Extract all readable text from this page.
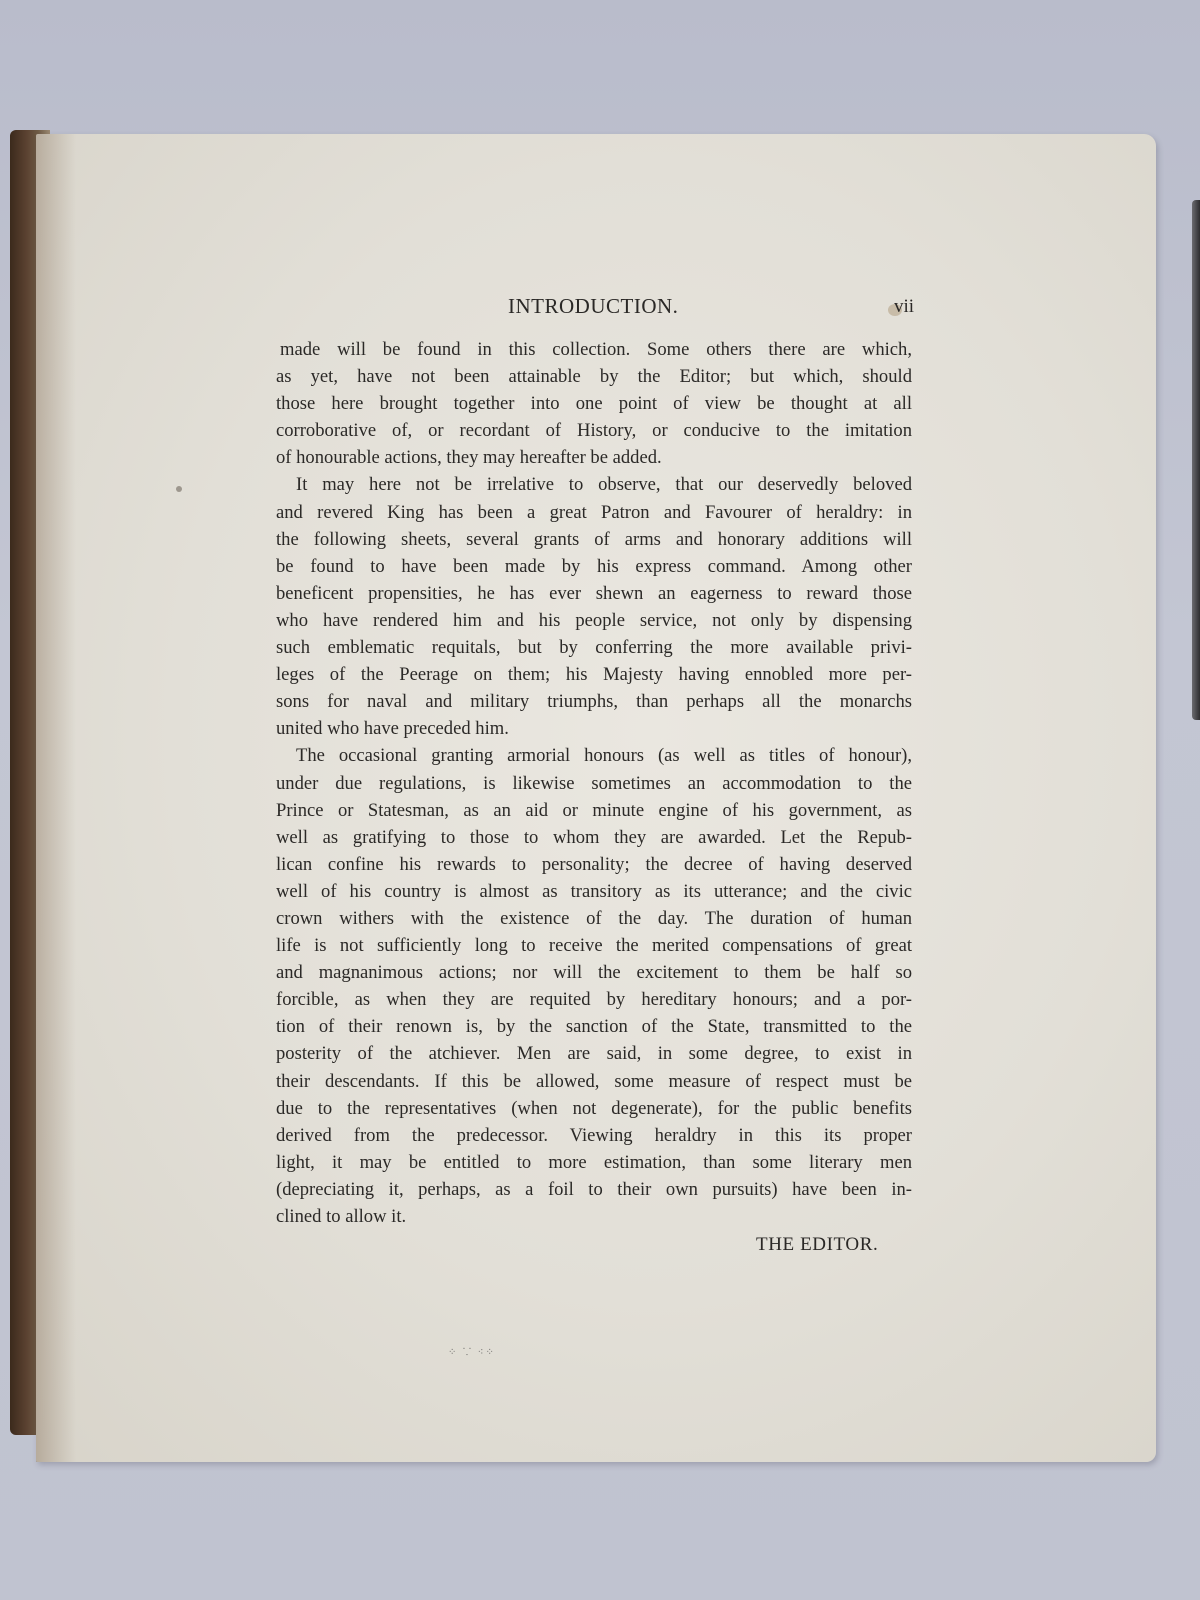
INTRODUCTION.	vii
made will be found in this collection. Some others there are which,
as yet, have not been attainable by the Editor; but which, should
those here brought together into one point of view be thought at all
corroborative of, or recordant of History, or conducive to the imitation
of honourable actions, they may hereafter be added.
It may here not be irrelative to observe, that our deservedly beloved
and revered King has been a great Patron and Favourer of heraldry: in
the following sheets, several grants of arms and honorary additions will
be found to have been made by his express command. Among other
beneficent propensities, he has ever shewn an eagerness to reward those
who have rendered him and his people service, not only by dispensing
such emblematic requitals, but by conferring the more available privi-
leges of the Peerage on them; his Majesty having ennobled more per-
sons for naval and military triumphs, than perhaps all the monarchs
united who have preceded him.
The occasional granting armorial honours (as well as titles of honour),
under due regulations, is likewise sometimes an accommodation to the
Prince or Statesman, as an aid or minute engine of his government, as
well as gratifying to those to whom they are awarded. Let the Repub-
lican confine his rewards to personality; the decree of having deserved
well of his country is almost as transitory as its utterance; and the civic
crown withers with the existence of the day. The duration of human
life is not sufficiently long to receive the merited compensations of great
and magnanimous actions; nor will the excitement to them be half so
forcible, as when they are requited by hereditary honours; and a por-
tion of their renown is, by the sanction of the State, transmitted to the
posterity of the atchiever. Men are said, in some degree, to exist in
their descendants. If this be allowed, some measure of respect must be
due to the representatives (when not degenerate), for the public benefits
derived from the predecessor. Viewing heraldry in this its proper
light, it may be entitled to more estimation, than some literary men
(depreciating it, perhaps, as a foil to their own pursuits) have been in-
clined to allow it.
THE EDITOR.
⁘ ⸪ ⁖⁘
